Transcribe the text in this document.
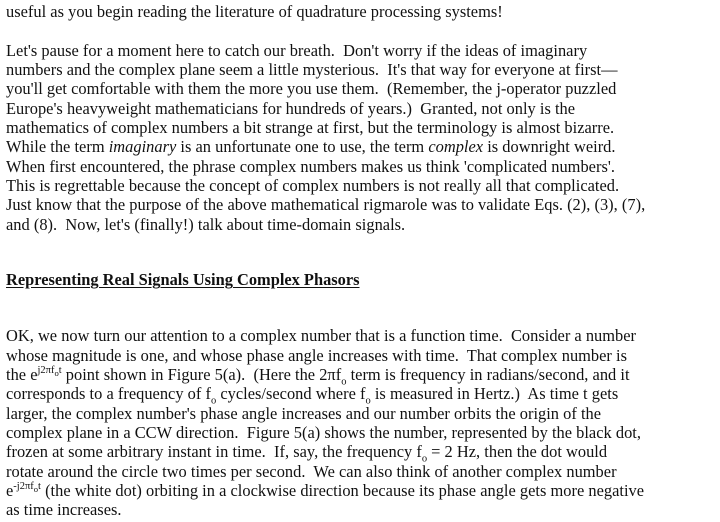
useful as you begin reading the literature of quadrature processing systems!

Let's pause for a moment here to catch our breath.  Don't worry if the ideas of imaginary
numbers and the complex plane seem a little mysterious.  It's that way for everyone at first—
you'll get comfortable with them the more you use them.  (Remember, the j-operator puzzled
Europe's heavyweight mathematicians for hundreds of years.)  Granted, not only is the
mathematics of complex numbers a bit strange at first, but the terminology is almost bizarre.
While the term imaginary is an unfortunate one to use, the term complex is downright weird.
When first encountered, the phrase complex numbers makes us think 'complicated numbers'.
This is regrettable because the concept of complex numbers is not really all that complicated.
Just know that the purpose of the above mathematical rigmarole was to validate Eqs. (2), (3), (7),
and (8).  Now, let's (finally!) talk about time-domain signals.

Representing Real Signals Using Complex Phasors

OK, we now turn our attention to a complex number that is a function time.  Consider a number
whose magnitude is one, and whose phase angle increases with time.  That complex number is
the $e^{j2\pi f_ot}$ point shown in Figure 5(a).  (Here the $2\pi f_o$ term is frequency in radians/second, and it
corresponds to a frequency of $f_o$ cycles/second where $f_o$ is measured in Hertz.)  As time t gets
larger, the complex number's phase angle increases and our number orbits the origin of the
complex plane in a CCW direction.  Figure 5(a) shows the number, represented by the black dot,
frozen at some arbitrary instant in time.  If, say, the frequency $f_o = 2$ Hz, then the dot would
rotate around the circle two times per second.  We can also think of another complex number
$e^{-j2\pi f_ot}$ (the white dot) orbiting in a clockwise direction because its phase angle gets more negative
as time increases.
